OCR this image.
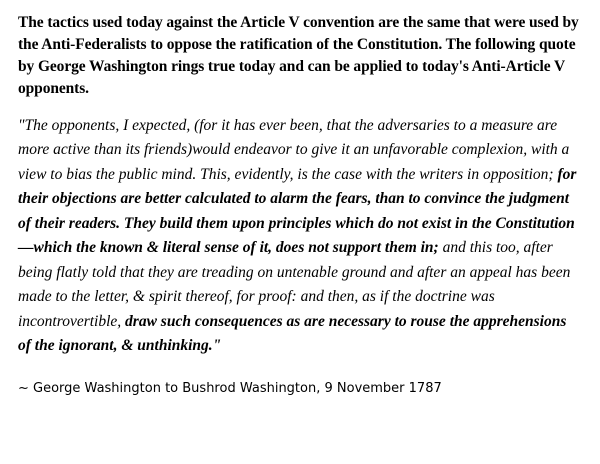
The tactics used today against the Article V convention are the same that were used by the Anti-Federalists to oppose the ratification of the Constitution. The following quote by George Washington rings true today and can be applied to today's Anti-Article V opponents.

"The opponents, I expected, (for it has ever been, that the adversaries to a measure are more active than its friends)would endeavor to give it an unfavorable complexion, with a view to bias the public mind. This, evidently, is the case with the writers in opposition; for their objections are better calculated to alarm the fears, than to convince the judgment of their readers. They build them upon principles which do not exist in the Constitution—which the known & literal sense of it, does not support them in; and this too, after being flatly told that they are treading on untenable ground and after an appeal has been made to the letter, & spirit thereof, for proof: and then, as if the doctrine was incontrovertible, draw such consequences as are necessary to rouse the apprehensions of the ignorant, & unthinking."

~ George Washington to Bushrod Washington, 9 November 1787
